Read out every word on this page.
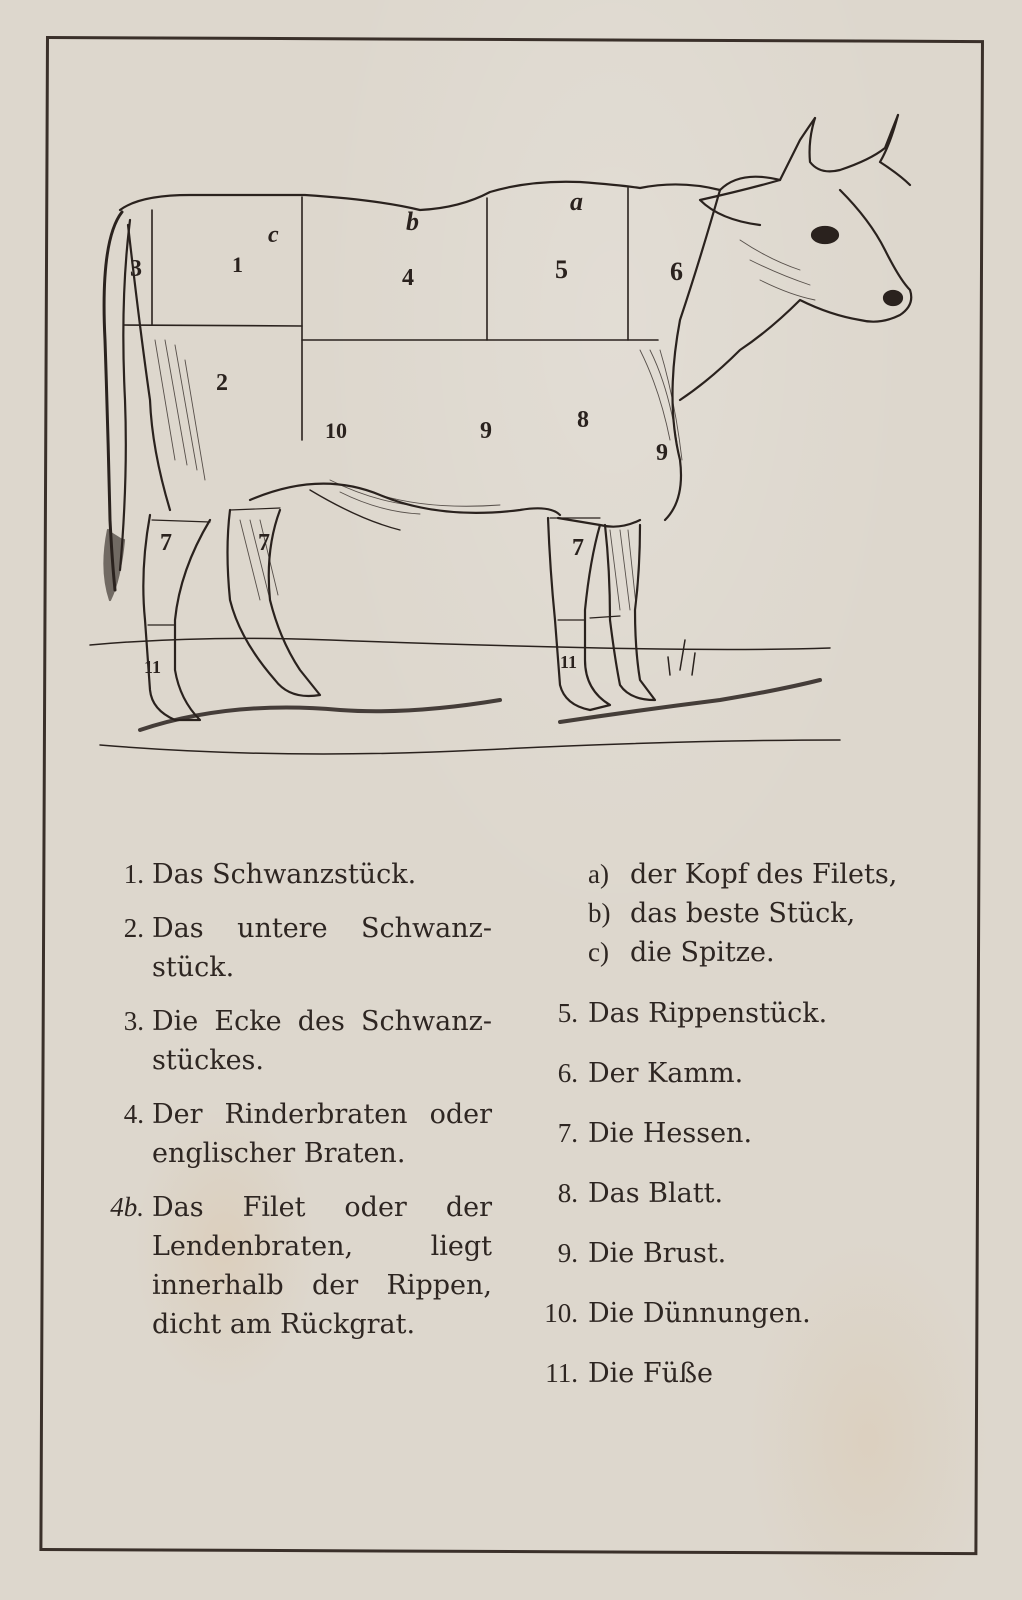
1
2
3	4
c	b
a
5	6
8
9
9
10
7	7	7
11	11
1. Das Schwanzstück.
2. Das untere Schwanzstück.
3. Die Ecke des Schwanzstückes.
4. Der Rinderbraten oder englischer Braten.
4b. Das Filet oder der Lendenbraten, liegt innerhalb der Rippen, dicht am Rückgrat.
a) der Kopf des Filets,
b) das beste Stück,
c) die Spitze.
5. Das Rippenstück.
6. Der Kamm.
7. Die Hessen.
8. Das Blatt.
9. Die Brust.
10. Die Dünnungen.
11. Die Füße
